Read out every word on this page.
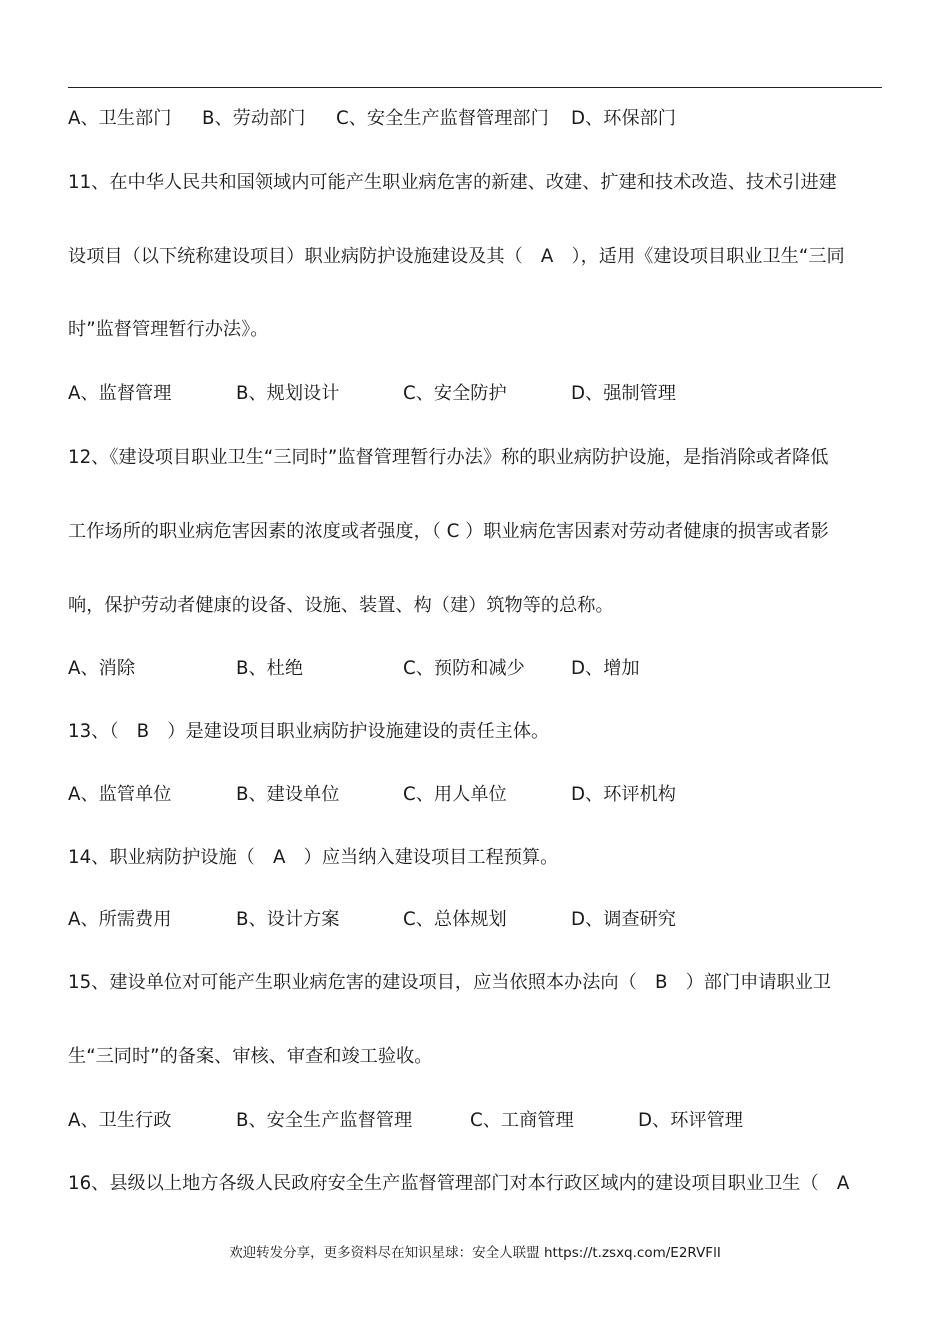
A、卫生部门 B、劳动部门 C、安全生产监督管理部门 D、环保部门
11、在中华人民共和国领域内可能产生职业病危害的新建、改建、扩建和技术改造、技术引进建
设项目（以下统称建设项目）职业病防护设施建设及其（　A　），适用《建设项目职业卫生“三同
时”监督管理暂行办法》。
A、监督管理	B、规划设计	C、安全防护	D、强制管理
12、《建设项目职业卫生“三同时”监督管理暂行办法》称的职业病防护设施，是指消除或者降低
工作场所的职业病危害因素的浓度或者强度，（ C ）职业病危害因素对劳动者健康的损害或者影
响，保护劳动者健康的设备、设施、装置、构（建）筑物等的总称。
A、消除	B、杜绝	C、预防和减少	D、增加
13、（　B　）是建设项目职业病防护设施建设的责任主体。
A、监管单位	B、建设单位	C、用人单位	D、环评机构
14、职业病防护设施（　A　）应当纳入建设项目工程预算。
A、所需费用	B、设计方案	C、总体规划	D、调查研究
15、建设单位对可能产生职业病危害的建设项目，应当依照本办法向（　B　）部门申请职业卫
生“三同时”的备案、审核、审查和竣工验收。
A、卫生行政	B、安全生产监督管理	C、工商管理	D、环评管理
16、县级以上地方各级人民政府安全生产监督管理部门对本行政区域内的建设项目职业卫生（　A
欢迎转发分享，更多资料尽在知识星球：安全人联盟 https://t.zsxq.com/E2RVFlI
